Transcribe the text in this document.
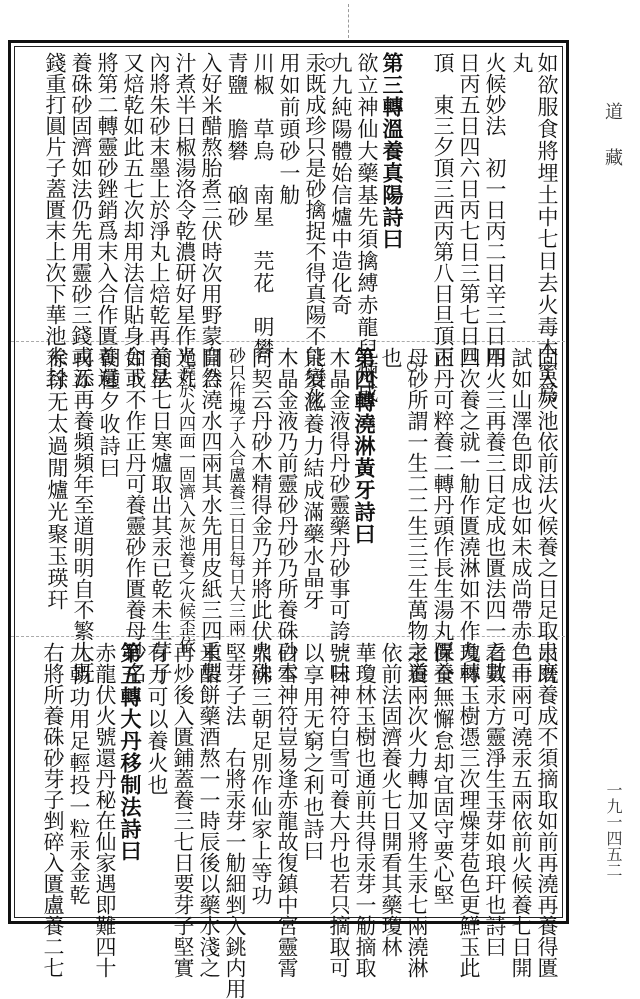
如欲服食將埋土中七日去火毒木蜜爲
丸
火候妙法　初一日丙二日辛三日四
日丙五日四六日丙七日三第七日旦
頂　東三夕頂三西丙第八日旦頂丙
第三轉溫養真陽詩曰
欲立神仙大藥基先須擒縛赤龍兒煉成
九九純陽體始信爐中造化奇
汞既成珍只是砂擒捉不得真陽不能變化
用如前頭砂一觔
川椒　草烏　南星　芫花　明礬
青鹽　膽礬　硇砂
入好米醋熬胎煮三伏時次用野蒙自然
汁煮半日椒湯洛令乾濃研好星作光丸
內將朱砂末墨上於淨丸上焙乾再養星
又焙乾如此五七次却用法信貼身合下
將第二轉靈砂銼銷爲末入合作匱養還
養硃砂固濟如法仍先用靈砂三錢或五
錢重打圓片子蓋匱末上次下華池末封
固入灰池依前法火候養之日足取出磨
試如山澤色即成也如未成尚帶赤色再
用火三再養三日定成也匱法四一之數
四次養之就一觔作匱澆淋如不作九轉
正丹可粹養二轉丹頭作長生湯丸匱養
母砂所謂一生二二生三三生萬物之道
也
第四轉澆淋黃牙詩曰
木晶金液得丹砂靈藥丹砂事可誇一味
只須滋養力結成滿藥水晶牙
木晶金液乃前靈砂丹砂乃所養硃砂本
同契云丹砂木精得金乃并將此伏火硃
砂只作塊子入合盧養三日日每日大三兩
開合澆水四兩其水先用皮紙三四重製
過澆於火四面一固濟入灰池養之火候歪依
前法七日寒爐取出其汞已乾未生芽子
如或不作正丹可養靈砂作匱養母砂名
朝種夕收詩曰
再添再養頻頻年至道明明自不繁大既
徐徐无太過閒爐光聚玉瑛玕
汞既養成不須摘取如前再澆再養得匱
二十兩可澆汞五兩依前火候養七日開
看其汞方靈淨生玉芽如琅玕也詩曰
瓊林玉樹憑三次理燥芽苞色更鮮玉此
保全無懈怠却宜固守要心堅
汞養兩次火力轉加又將生汞七兩澆淋
依前法固濟養火七日開看其藥瓊林
華瓊林玉樹也通前共得汞芽一觔摘取
號曰神符白雪可養大丹也若只摘取可
以享用无窮之利也詩曰
白雪神符豈易逢赤龍故復鎮中宮靈霄
鼎沸三朝足別作仙家上等功
堅芽子法　右將汞芽一觔細剉入銚内用
米醋餅藥酒熬一一時辰後以藥水淺之
再炒後入匱鋪蓋養三七日要芽子堅實
有力可以養火也
第五轉大丹移制法詩曰
赤龍伏火號還丹秘在仙家遇即難四十
九朝功用足輕投一粒汞金乾
右將所養硃砂芽子剉碎入匱盧養二七
道藏
一九一四五二
